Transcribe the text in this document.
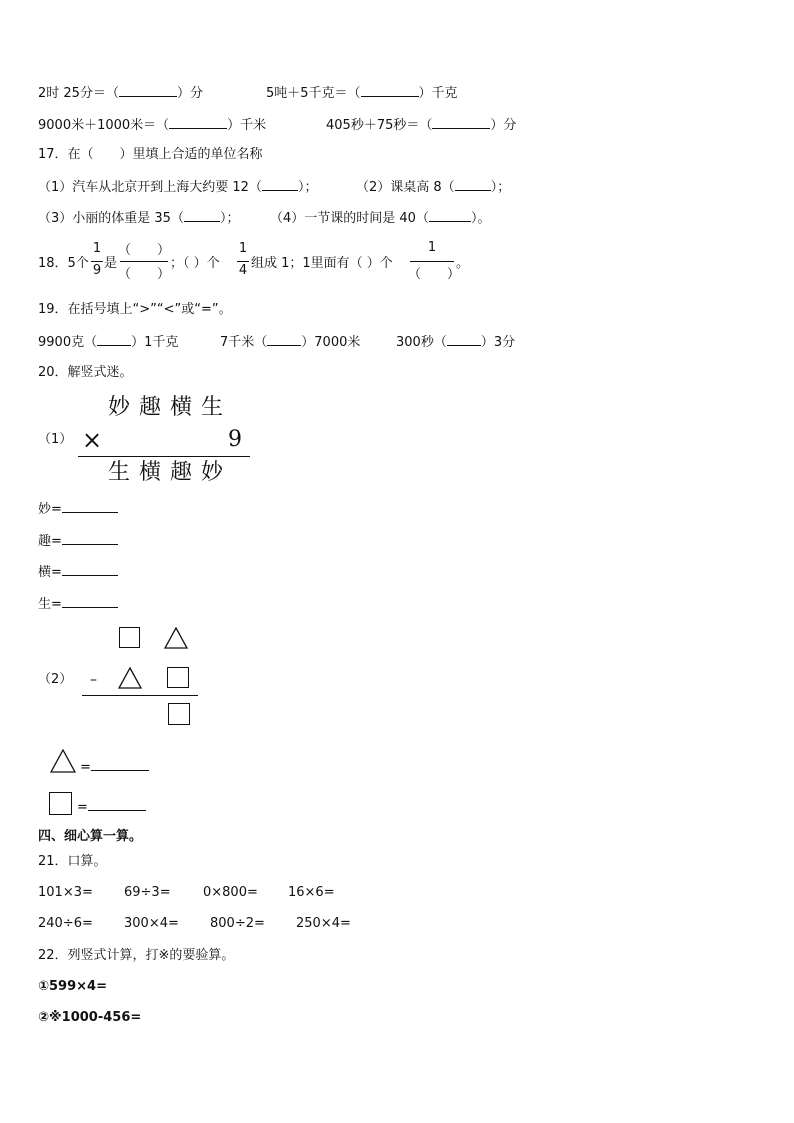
2时 25分＝（	）分	5吨＋5千克＝（	）千克
9000米＋1000米＝（	）千米	405秒＋75秒＝（	）分
17．在（　　）里填上合适的单位名称
（1）汽车从北京开到上海大约要 12（	）；	（2）课桌高 8（	）；
（3）小丽的体重是 35（	）； （4）一节课的时间是 40（	）。
18．5个
1
9 是
（　　）
（　　）
；（ ）个
1
4 组成 1；1里面有（ ）个
1
（　　）
。
19．在括号填上“>”“<”或“=”。
9900克（	）1千克	7千米（	）7000米	300秒（	）3分
20．解竖式迷。
妙 趣 横 生
（1） ×	9
生 横 趣 妙
妙=
趣=
横=
生=
（2） –
=
=
四、细心算一算。
21．口算。
101×3= 69÷3= 0×800= 16×6=
240÷6= 300×4= 800÷2= 250×4=
22．列竖式计算，打※的要验算。
①599×4=
②※1000-456=
